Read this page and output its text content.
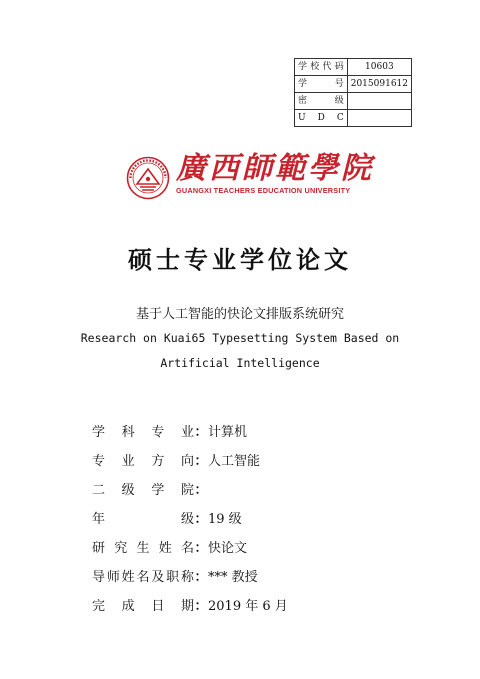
学校代码	10603
学 号	2015091612
密 级	
U D C	
廣西師範學院
GUANGXI TEACHERS EDUCATION UNIVERSITY
硕士专业学位论文
基于人工智能的快论文排版系统研究
Research on Kuai65 Typesetting System Based on Artificial Intelligence
学科专业：计算机
专业方向：人工智能
二级学院：
年级：19 级
研究生姓名：快论文
导师姓名及职称：*** 教授
完成日期：2019 年 6 月
